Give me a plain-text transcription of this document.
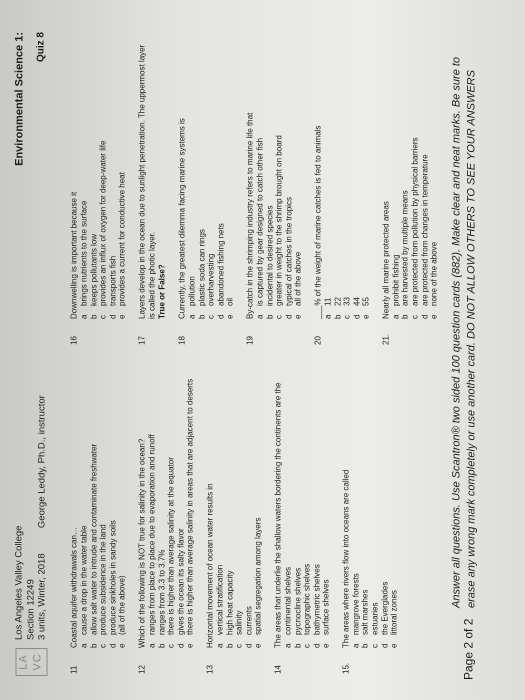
LA VC
Los Angeles Valley College Section 12249 3 units, Winter, 2018  George Leddy, Ph.D., instructor
Environmental Science 1: Quiz 8
11
Coastal aquifer withdrawals can… a
cause a drop in the water table
b
allow salt water to intrude and contaminate freshwater
c
produce subsidence in the land
d
produce sinkholes in sandy soils
e
(all of the above)
12
Which of the following is NOT true for salinity in the ocean? a
ranges from place to place due to evaporation and runoff
b
ranges from 3.3 to 3.7%
c
there is higher than average salinity at the equator
d
gives the ocean its salty flavor
e
there is higher than average salinity in areas that are adjacent to deserts
13
Horizontal movement of ocean water results in a
vertical stratification
b
high heat capacity
c
salinity
d
currents
e
spatial segregation among layers
14
The areas that underlie the shallow waters bordering the continents are the a
continental shelves
b
pycnocline shelves
c
topographic shelves
d
bathymetric shelves
e
surface shelves
15.
The areas where rivers flow into oceans are called a
mangrove forests
b
salt marshes
c
estuaries
d
the Everglades
e
littoral zones
16
Downwelling is important because it a
brings nutrients to the surface
b
keeps pollutants low
c
provides an influx of oxygen for deep-water life
d
transports fish
e
provides a current for conductive heat
17
Layers develop in the ocean due to sunlight penetration. The uppermost layer is called the photic layer. True or False?
18
Currently, the greatest dilemma facing marine systems is a
pollution
b
plastic soda can rings
c
overharvesting
d
abandoned fishing nets
e
oil
19
By-catch in the shrimping industry refers to marine life that a
is captured by gear designed to catch other fish
b
incidental to desired species
c
greater in weight to the shrimp brought on board
d
typical of catches in the tropics
e
all of the above
20
___% of the weight of marine catches is fed to animals a
11
b
22
c
33
d
44
e
55
21.
Nearly all marine protected areas a
prohibit fishing
b
are harvested by multiple means
c
are protected from pollution by physical barriers
d
are protected from changes in temperature
e
none of the above
Page 2 of 2
Answer all questions. Use Scantron® two sided 100 question cards (882). Make clear and neat marks. Be sure to erase any wrong mark completely or use another card. DO NOT ALLOW OTHERS TO SEE YOUR ANSWERS
